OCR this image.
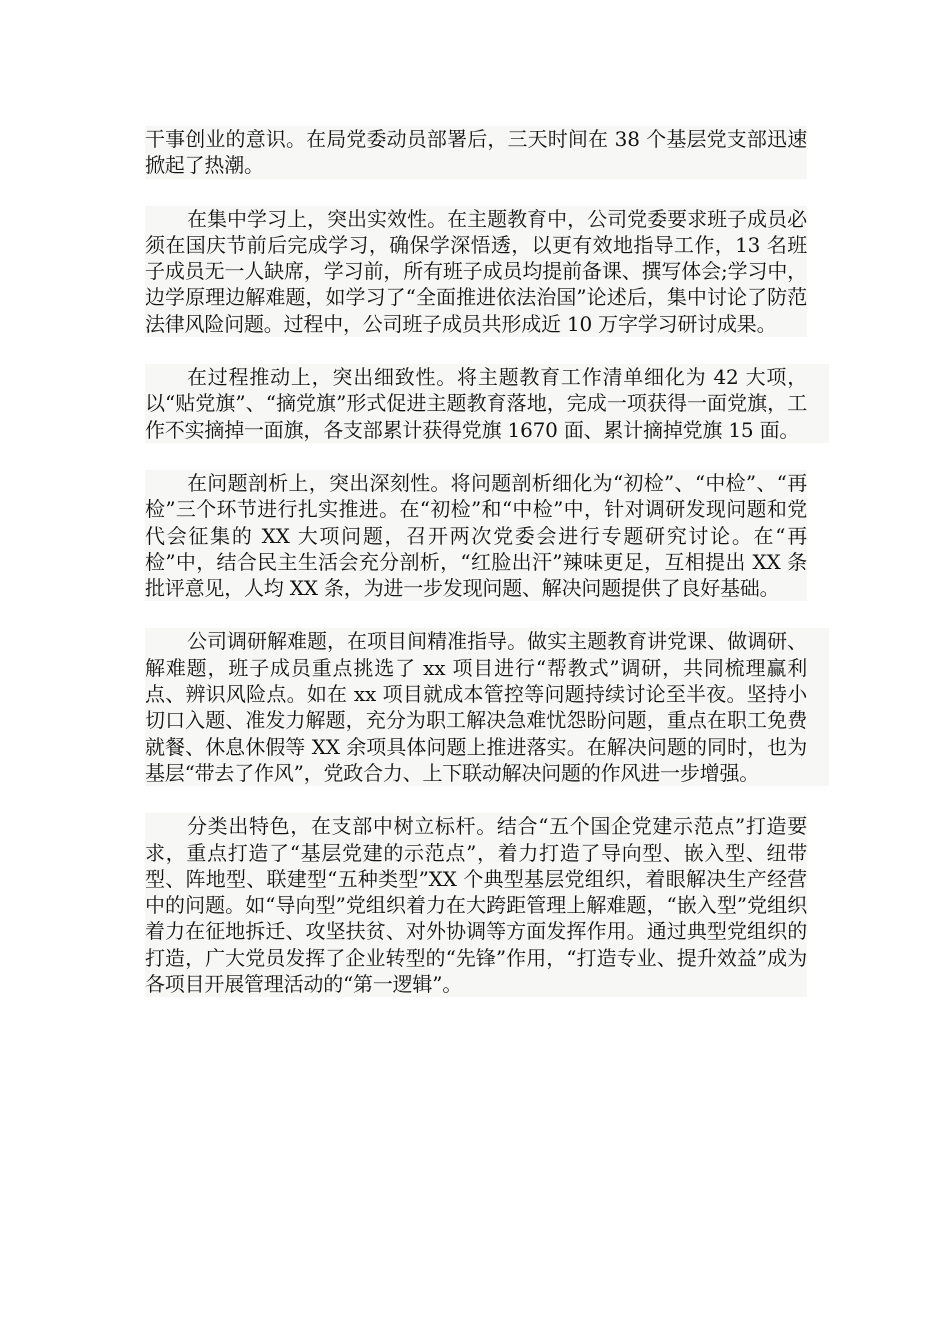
干事创业的意识。在局党委动员部署后，三天时间在 38 个基层党支部迅速掀起了热潮。

在集中学习上，突出实效性。在主题教育中，公司党委要求班子成员必须在国庆节前后完成学习，确保学深悟透，以更有效地指导工作，13 名班子成员无一人缺席，学习前，所有班子成员均提前备课、撰写体会;学习中，边学原理边解难题，如学习了“全面推进依法治国”论述后，集中讨论了防范法律风险问题。过程中，公司班子成员共形成近 10 万字学习研讨成果。

在过程推动上，突出细致性。将主题教育工作清单细化为 42 大项，以“贴党旗”、“摘党旗”形式促进主题教育落地，完成一项获得一面党旗，工作不实摘掉一面旗，各支部累计获得党旗 1670 面、累计摘掉党旗 15 面。

在问题剖析上，突出深刻性。将问题剖析细化为“初检”、“中检”、“再检”三个环节进行扎实推进。在“初检”和“中检”中，针对调研发现问题和党代会征集的 XX 大项问题，召开两次党委会进行专题研究讨论。在“再检”中，结合民主生活会充分剖析，“红脸出汗”辣味更足，互相提出 XX 条批评意见，人均 XX 条，为进一步发现问题、解决问题提供了良好基础。

公司调研解难题，在项目间精准指导。做实主题教育讲党课、做调研、解难题，班子成员重点挑选了 xx 项目进行“帮教式”调研，共同梳理赢利点、辨识风险点。如在 xx 项目就成本管控等问题持续讨论至半夜。坚持小切口入题、准发力解题，充分为职工解决急难忧怨盼问题，重点在职工免费就餐、休息休假等 XX 余项具体问题上推进落实。在解决问题的同时，也为基层“带去了作风”，党政合力、上下联动解决问题的作风进一步增强。

分类出特色，在支部中树立标杆。结合“五个国企党建示范点”打造要求，重点打造了“基层党建的示范点”，着力打造了导向型、嵌入型、纽带型、阵地型、联建型“五种类型”XX 个典型基层党组织，着眼解决生产经营中的问题。如“导向型”党组织着力在大跨距管理上解难题，“嵌入型”党组织着力在征地拆迁、攻坚扶贫、对外协调等方面发挥作用。通过典型党组织的打造，广大党员发挥了企业转型的“先锋”作用，“打造专业、提升效益”成为各项目开展管理活动的“第一逻辑”。
